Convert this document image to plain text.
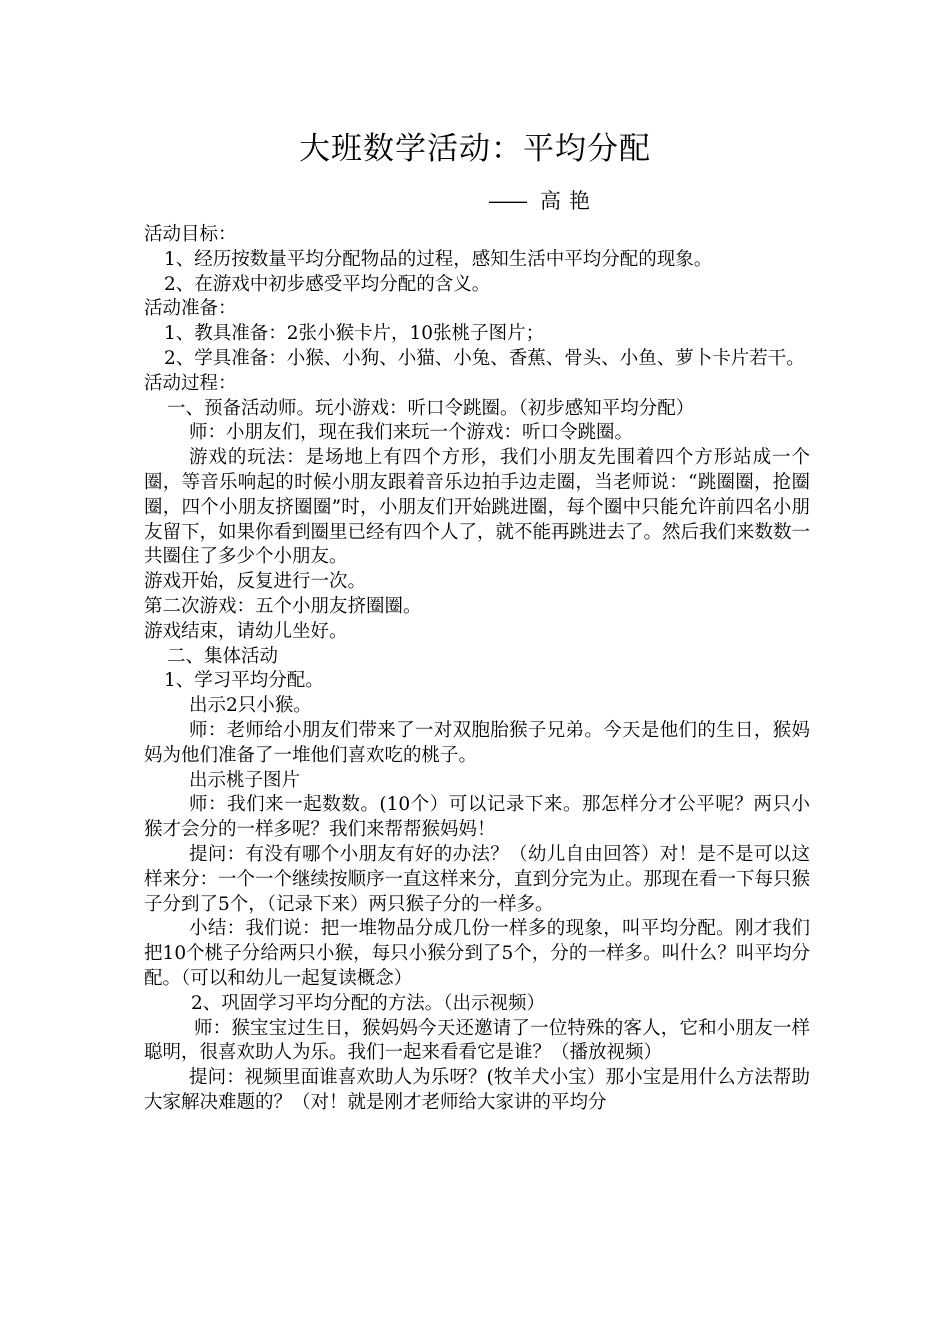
大班数学活动：平均分配
—— 高艳

活动目标：

1、经历按数量平均分配物品的过程，感知生活中平均分配的现象。

2、在游戏中初步感受平均分配的含义。

活动准备：

1、教具准备：2张小猴卡片，10张桃子图片；

2、学具准备：小猴、小狗、小猫、小兔、香蕉、骨头、小鱼、萝卜卡片若干。

活动过程：

一、预备活动师。玩小游戏：听口令跳圈。（初步感知平均分配）

师：小朋友们，现在我们来玩一个游戏：听口令跳圈。

游戏的玩法：是场地上有四个方形，我们小朋友先围着四个方形站成一个圈，等音乐响起的时候小朋友跟着音乐边拍手边走圈，当老师说：“跳圈圈，抢圈圈，四个小朋友挤圈圈”时，小朋友们开始跳进圈，每个圈中只能允许前四名小朋友留下，如果你看到圈里已经有四个人了，就不能再跳进去了。然后我们来数数一共圈住了多少个小朋友。

游戏开始，反复进行一次。

第二次游戏：五个小朋友挤圈圈。

游戏结束，请幼儿坐好。

二、集体活动

1、学习平均分配。

出示2只小猴。

师：老师给小朋友们带来了一对双胞胎猴子兄弟。今天是他们的生日，猴妈妈为他们准备了一堆他们喜欢吃的桃子。

出示桃子图片

师：我们来一起数数。(10个）可以记录下来。那怎样分才公平呢？两只小猴才会分的一样多呢？我们来帮帮猴妈妈！

提问：有没有哪个小朋友有好的办法？（幼儿自由回答）对！是不是可以这样来分：一个一个继续按顺序一直这样来分，直到分完为止。那现在看一下每只猴子分到了5个，（记录下来）两只猴子分的一样多。

小结：我们说：把一堆物品分成几份一样多的现象，叫平均分配。刚才我们把10个桃子分给两只小猴，每只小猴分到了5个，分的一样多。叫什么？叫平均分配。（可以和幼儿一起复读概念）

2、巩固学习平均分配的方法。（出示视频）

师：猴宝宝过生日，猴妈妈今天还邀请了一位特殊的客人，它和小朋友一样聪明，很喜欢助人为乐。我们一起来看看它是谁？（播放视频）

提问：视频里面谁喜欢助人为乐呀？(牧羊犬小宝）那小宝是用什么方法帮助大家解决难题的？（对！就是刚才老师给大家讲的平均分
